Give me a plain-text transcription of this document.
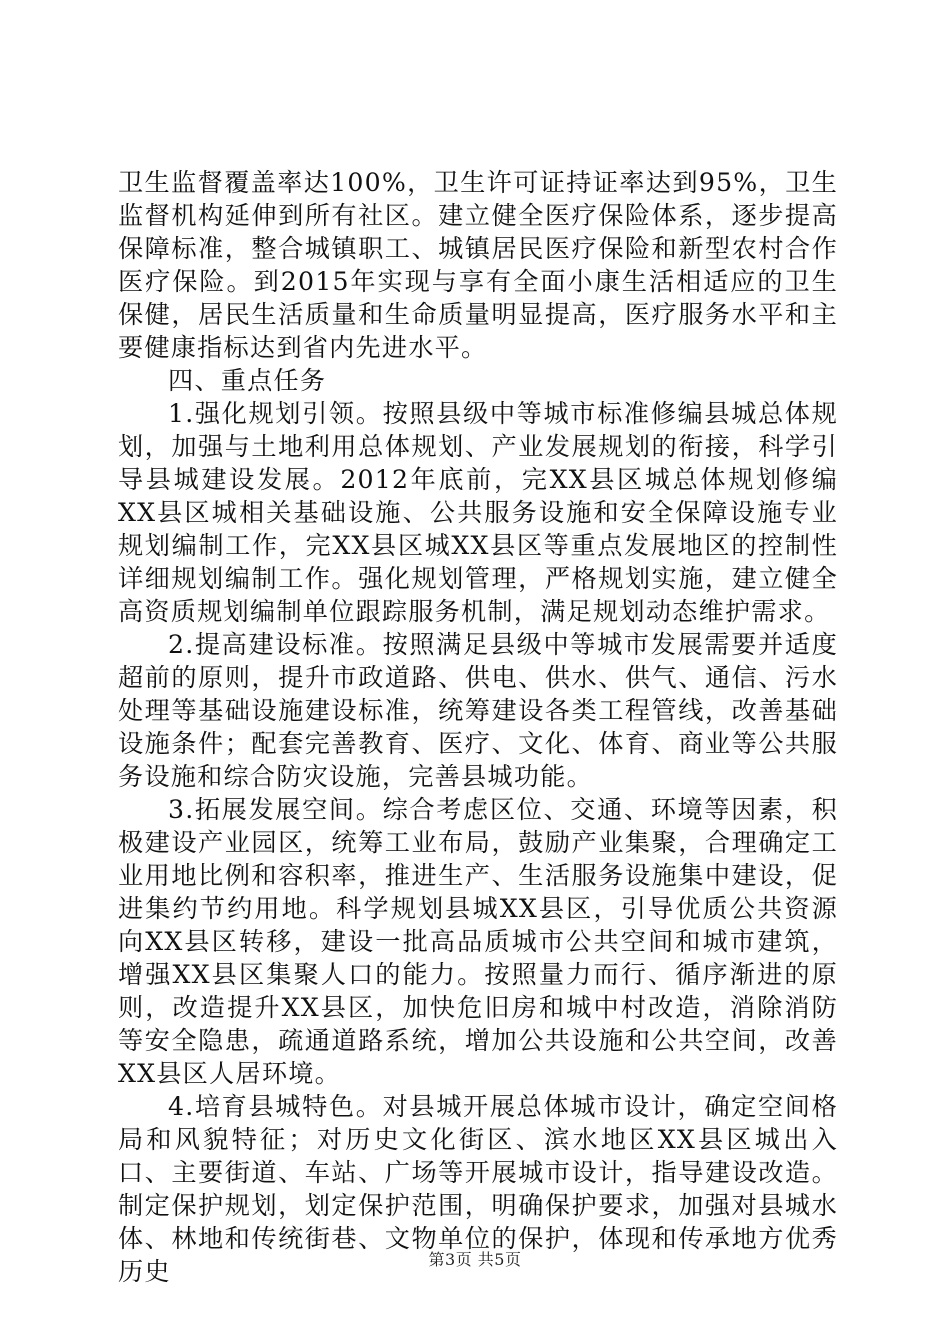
卫生监督覆盖率达100%，卫生许可证持证率达到95%，卫生监督机构延伸到所有社区。建立健全医疗保险体系，逐步提高保障标准，整合城镇职工、城镇居民医疗保险和新型农村合作医疗保险。到2015年实现与享有全面小康生活相适应的卫生保健，居民生活质量和生命质量明显提高，医疗服务水平和主要健康指标达到省内先进水平。

四、重点任务

1.强化规划引领。按照县级中等城市标准修编县城总体规划，加强与土地利用总体规划、产业发展规划的衔接，科学引导县城建设发展。2012年底前，完XX县区城总体规划修编XX县区城相关基础设施、公共服务设施和安全保障设施专业规划编制工作，完XX县区城XX县区等重点发展地区的控制性详细规划编制工作。强化规划管理，严格规划实施，建立健全高资质规划编制单位跟踪服务机制，满足规划动态维护需求。

2.提高建设标准。按照满足县级中等城市发展需要并适度超前的原则，提升市政道路、供电、供水、供气、通信、污水处理等基础设施建设标准，统筹建设各类工程管线，改善基础设施条件；配套完善教育、医疗、文化、体育、商业等公共服务设施和综合防灾设施，完善县城功能。

3.拓展发展空间。综合考虑区位、交通、环境等因素，积极建设产业园区，统筹工业布局，鼓励产业集聚，合理确定工业用地比例和容积率，推进生产、生活服务设施集中建设，促进集约节约用地。科学规划县城XX县区，引导优质公共资源向XX县区转移，建设一批高品质城市公共空间和城市建筑，增强XX县区集聚人口的能力。按照量力而行、循序渐进的原则，改造提升XX县区，加快危旧房和城中村改造，消除消防等安全隐患，疏通道路系统，增加公共设施和公共空间，改善XX县区人居环境。

4.培育县城特色。对县城开展总体城市设计，确定空间格局和风貌特征；对历史文化街区、滨水地区XX县区城出入口、主要街道、车站、广场等开展城市设计，指导建设改造。制定保护规划，划定保护范围，明确保护要求，加强对县城水体、林地和传统街巷、文物单位的保护，体现和传承地方优秀历史	第3页 共5页
